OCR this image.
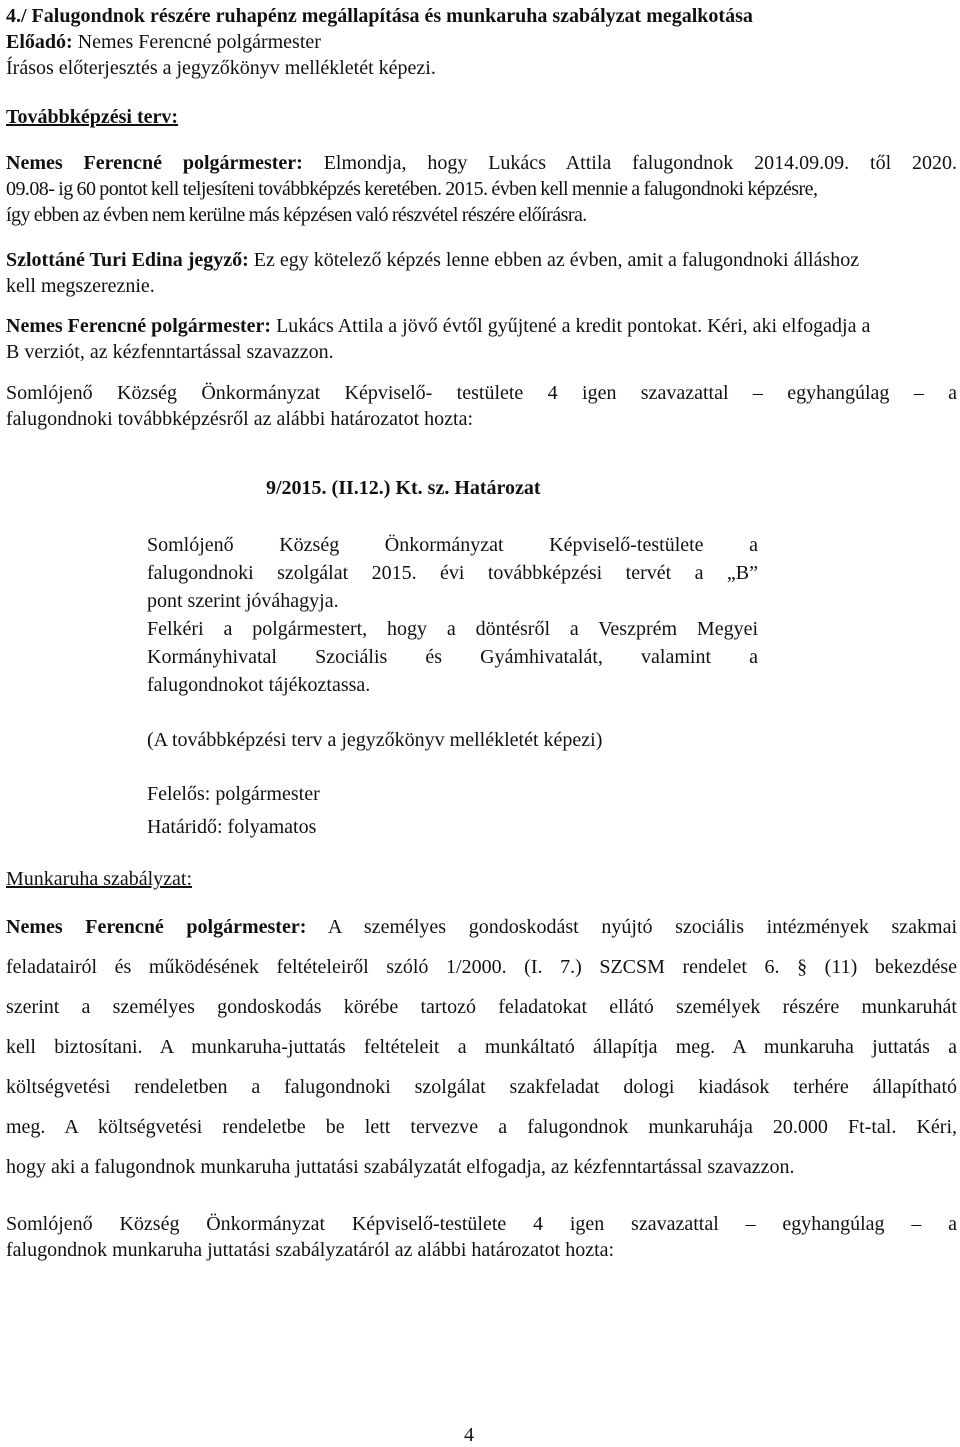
4./ Falugondnok részére ruhapénz megállapítása és munkaruha szabályzat megalkotása
Előadó: Nemes Ferencné polgármester
Írásos előterjesztés a jegyzőkönyv mellékletét képezi.
Továbbképzési terv:
Nemes Ferencné polgármester: Elmondja, hogy Lukács Attila falugondnok 2014.09.09. től 2020.
09.08- ig 60 pontot kell teljesíteni továbbképzés keretében. 2015. évben kell mennie a falugondnoki képzésre,
így ebben az évben nem kerülne más képzésen való részvétel részére előírásra.
Szlottáné Turi Edina jegyző: Ez egy kötelező képzés lenne ebben az évben, amit a falugondnoki álláshoz
kell megszereznie.
Nemes Ferencné polgármester: Lukács Attila a jövő évtől gyűjtené a kredit pontokat. Kéri, aki elfogadja a
B verziót, az kézfenntartással szavazzon.
Somlójenő Község Önkormányzat Képviselő- testülete 4 igen szavazattal – egyhangúlag – a
falugondnoki továbbképzésről az alábbi határozatot hozta:
9/2015. (II.12.) Kt. sz. Határozat
Somlójenő Község Önkormányzat Képviselő-testülete a
falugondnoki szolgálat 2015. évi továbbképzési tervét a „B”
pont szerint jóváhagyja.
Felkéri a polgármestert, hogy a döntésről a Veszprém Megyei
Kormányhivatal Szociális és Gyámhivatalát, valamint a
falugondnokot tájékoztassa.
(A továbbképzési terv a jegyzőkönyv mellékletét képezi)
Felelős: polgármester
Határidő: folyamatos
Munkaruha szabályzat:
Nemes Ferencné polgármester: A személyes gondoskodást nyújtó szociális intézmények szakmai
feladatairól és működésének feltételeiről szóló 1/2000. (I. 7.) SZCSM rendelet 6. § (11) bekezdése
szerint a személyes gondoskodás körébe tartozó feladatokat ellátó személyek részére munkaruhát
kell biztosítani. A munkaruha-juttatás feltételeit a munkáltató állapítja meg. A munkaruha juttatás a
költségvetési rendeletben a falugondnoki szolgálat szakfeladat dologi kiadások terhére állapítható
meg. A költségvetési rendeletbe be lett tervezve a falugondnok munkaruhája 20.000 Ft-tal. Kéri,
hogy aki a falugondnok munkaruha juttatási szabályzatát elfogadja, az kézfenntartással szavazzon.
Somlójenő Község Önkormányzat Képviselő-testülete 4 igen szavazattal – egyhangúlag – a
falugondnok munkaruha juttatási szabályzatáról az alábbi határozatot hozta:
4
